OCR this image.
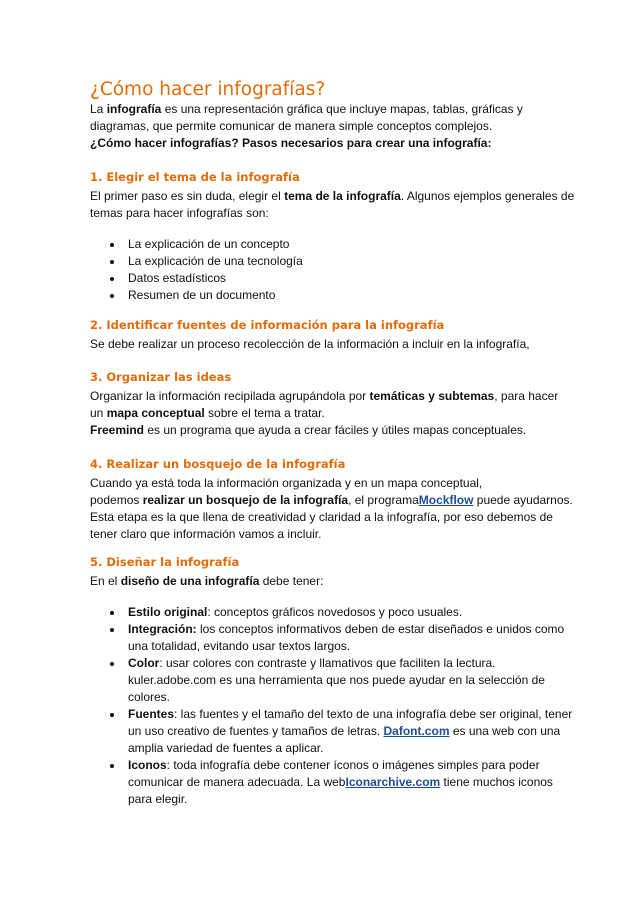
¿Cómo hacer infografías?

La infografía es una representación gráfica que incluye mapas, tablas, gráficas y

diagramas, que permite comunicar de manera simple conceptos complejos.

¿Cómo hacer infografías? Pasos necesarios para crear una infografía:

1. Elegir el tema de la infografía

El primer paso es sin duda, elegir el tema de la infografía. Algunos ejemplos generales de

temas para hacer infografías son:

La explicación de un concepto
La explicación de una tecnología
Datos estadísticos
Resumen de un documento
2. Identificar fuentes de información para la infografía

Se debe realizar un proceso recolección de la información a incluir en la infografía,

3. Organizar las ideas

Organizar la información recipilada agrupándola por temáticas y subtemas, para hacer

un mapa conceptual sobre el tema a tratar.

Freemind es un programa que ayuda a crear fáciles y útiles mapas conceptuales.

4. Realizar un bosquejo de la infografía

Cuando ya está toda la información organizada y en un mapa conceptual,

podemos realizar un bosquejo de la infografía, el programaMockflow puede ayudarnos.

Esta etapa es la que llena de creatividad y claridad a la infografía, por eso debemos de

tener claro que información vamos a incluir.

5. Diseñar la infografía

En el diseño de una infografía debe tener:

Estilo original: conceptos gráficos novedosos y poco usuales.
Integración: los conceptos informativos deben de estar diseñados e unidos como
una totalidad, evitando usar textos largos.
Color: usar colores con contraste y llamativos que faciliten la lectura.
kuler.adobe.com es una herramienta que nos puede ayudar en la selección de
colores.
Fuentes: las fuentes y el tamaño del texto de una infografía debe ser original, tener
un uso creativo de fuentes y tamaños de letras. Dafont.com es una web con una
amplia variedad de fuentes a aplicar.
Iconos: toda infografía debe contener íconos o imágenes simples para poder
comunicar de manera adecuada. La webIconarchive.com tiene muchos iconos
para elegir.
